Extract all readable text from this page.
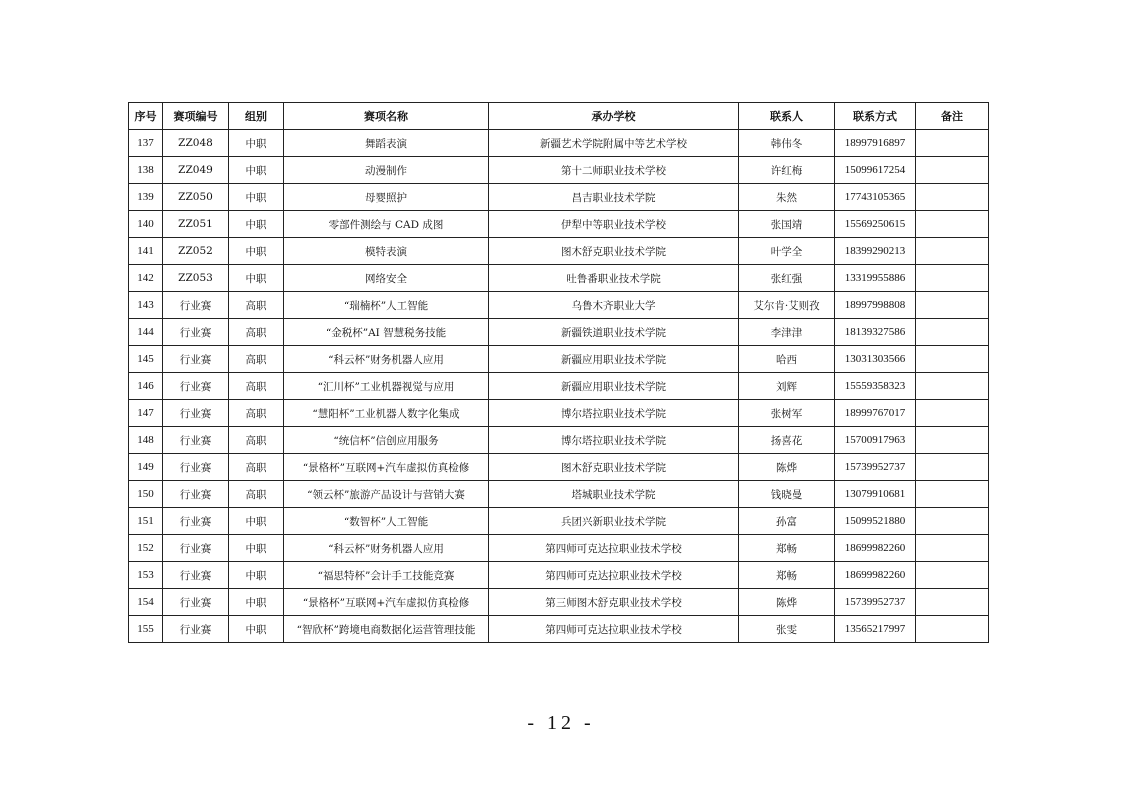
序号	赛项编号	组别	赛项名称	承办学校	联系人	联系方式	备注
137	ZZ048	中职	舞蹈表演	新疆艺术学院附属中等艺术学校	韩伟冬	18997916897	
138	ZZ049	中职	动漫制作	第十二师职业技术学校	许红梅	15099617254	
139	ZZ050	中职	母婴照护	昌吉职业技术学院	朱然	17743105365	
140	ZZ051	中职	零部件测绘与 CAD 成图	伊犁中等职业技术学校	张国靖	15569250615	
141	ZZ052	中职	模特表演	图木舒克职业技术学院	叶学全	18399290213	
142	ZZ053	中职	网络安全	吐鲁番职业技术学院	张红强	13319955886	
143	行业赛	高职	“瑞楠杯”人工智能	乌鲁木齐职业大学	艾尔肯·艾则孜	18997998808	
144	行业赛	高职	“金税杯”AI 智慧税务技能	新疆铁道职业技术学院	李津津	18139327586	
145	行业赛	高职	“科云杯”财务机器人应用	新疆应用职业技术学院	哈西	13031303566	
146	行业赛	高职	“汇川杯”工业机器视觉与应用	新疆应用职业技术学院	刘辉	15559358323	
147	行业赛	高职	“慧阳杯”工业机器人数字化集成	博尔塔拉职业技术学院	张树军	18999767017	
148	行业赛	高职	“统信杯”信创应用服务	博尔塔拉职业技术学院	扬喜花	15700917963	
149	行业赛	高职	“景格杯”互联网+汽车虚拟仿真检修	图木舒克职业技术学院	陈烨	15739952737	
150	行业赛	高职	“领云杯”旅游产品设计与营销大赛	塔城职业技术学院	钱晓曼	13079910681	
151	行业赛	中职	“数智杯”人工智能	兵团兴新职业技术学院	孙富	15099521880	
152	行业赛	中职	“科云杯”财务机器人应用	第四师可克达拉职业技术学校	郑畅	18699982260	
153	行业赛	中职	“福思特杯”会计手工技能竞赛	第四师可克达拉职业技术学校	郑畅	18699982260	
154	行业赛	中职	“景格杯”互联网+汽车虚拟仿真检修	第三师图木舒克职业技术学校	陈烨	15739952737	
155	行业赛	中职	“智欣杯”跨境电商数据化运营管理技能	第四师可克达拉职业技术学校	张雯	13565217997	
- 12 -
